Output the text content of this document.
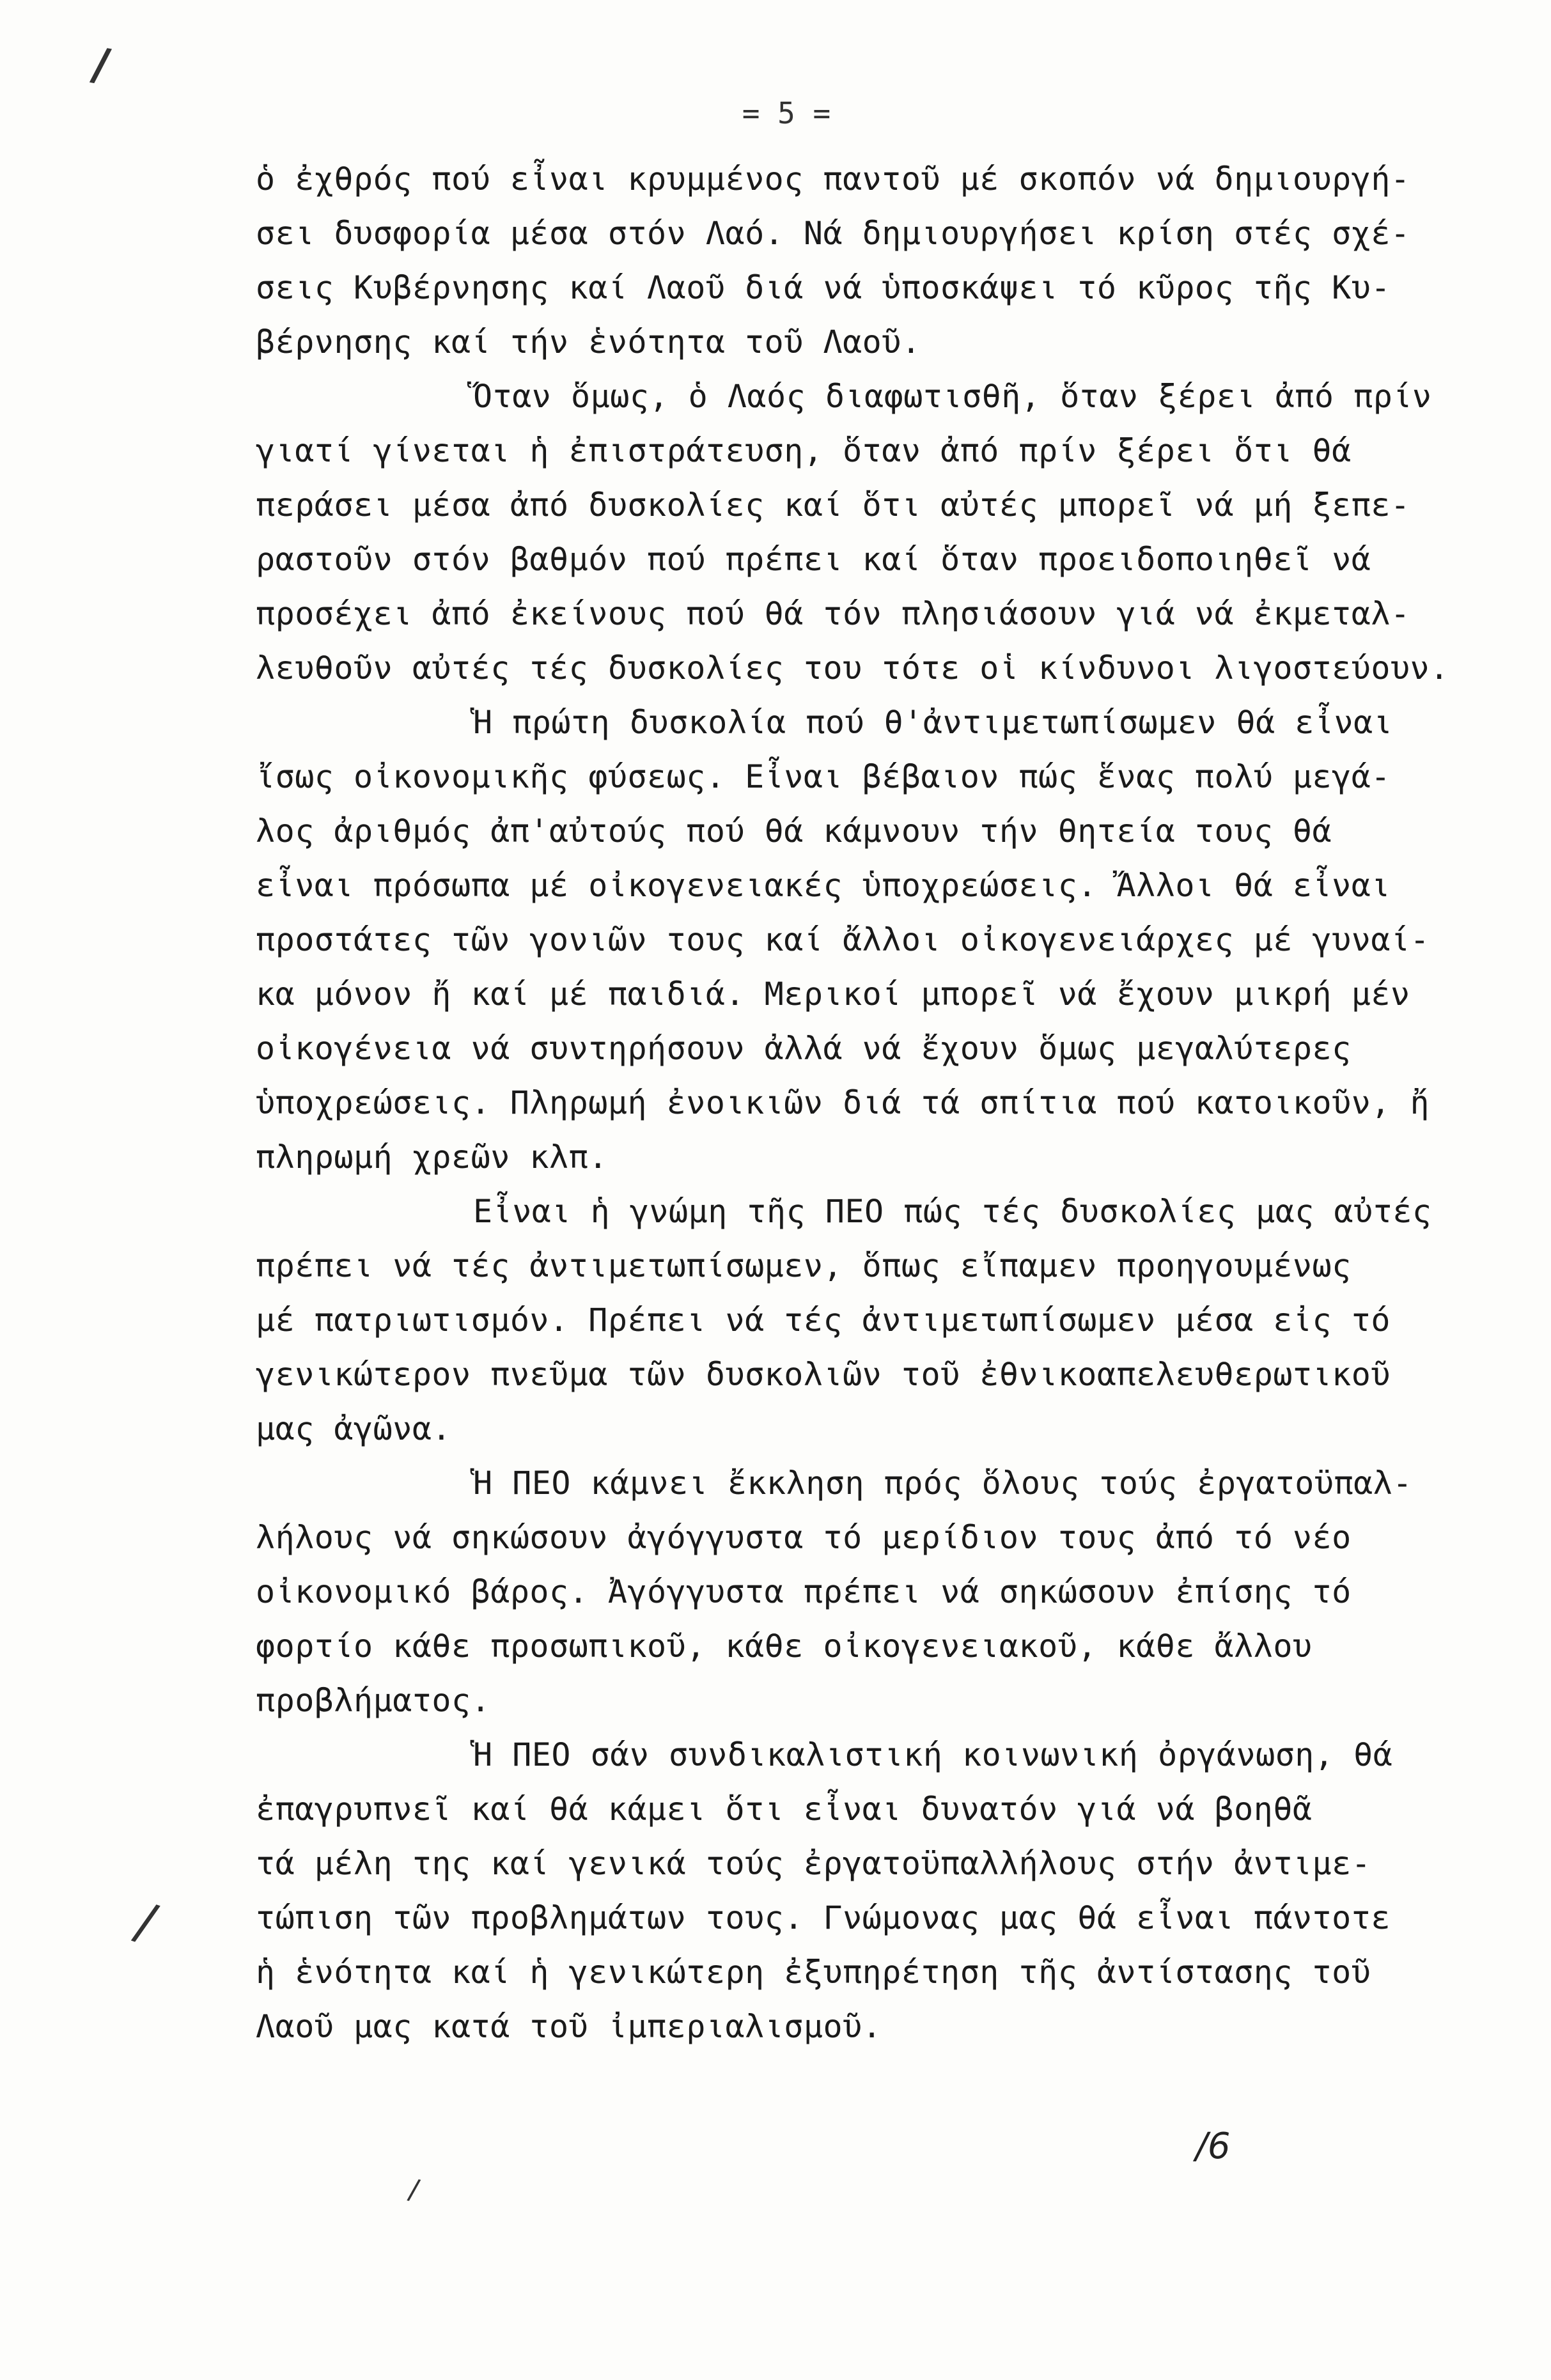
/
= 5 =
ὁ ἐχθρός πού εἶναι κρυμμένος παντοῦ μέ σκοπόν νά δημιουργή-
σει δυσφορία μέσα στόν Λαό. Νά δημιουργήσει κρίση στές σχέ-
σεις Κυβέρνησης καί Λαοῦ διά νά ὑποσκάψει τό κῦρος τῆς Κυ-
βέρνησης καί τήν ἑνότητα τοῦ Λαοῦ.
Ὅταν ὅμως, ὁ Λαός διαφωτισθῆ, ὅταν ξέρει ἀπό πρίν
γιατί γίνεται ἡ ἐπιστράτευση, ὅταν ἀπό πρίν ξέρει ὅτι θά
περάσει μέσα ἀπό δυσκολίες καί ὅτι αὐτές μπορεῖ νά μή ξεπε-
ραστοῦν στόν βαθμόν πού πρέπει καί ὅταν προειδοποιηθεῖ νά
προσέχει ἀπό ἐκείνους πού θά τόν πλησιάσουν γιά νά ἐκμεταλ-
λευθοῦν αὐτές τές δυσκολίες του τότε οἱ κίνδυνοι λιγοστεύουν.
Ἡ πρώτη δυσκολία πού θ'ἀντιμετωπίσωμεν θά εἶναι
ἴσως οἰκονομικῆς φύσεως. Εἶναι βέβαιον πώς ἕνας πολύ μεγά-
λος ἀριθμός ἀπ'αὐτούς πού θά κάμνουν τήν θητεία τους θά
εἶναι πρόσωπα μέ οἰκογενειακές ὑποχρεώσεις. Ἄλλοι θά εἶναι
προστάτες τῶν γονιῶν τους καί ἄλλοι οἰκογενειάρχες μέ γυναί-
κα μόνον ἤ καί μέ παιδιά. Μερικοί μπορεῖ νά ἔχουν μικρή μέν
οἰκογένεια νά συντηρήσουν ἀλλά νά ἔχουν ὅμως μεγαλύτερες
ὑποχρεώσεις. Πληρωμή ἐνοικιῶν διά τά σπίτια πού κατοικοῦν, ἤ
πληρωμή χρεῶν κλπ.
Εἶναι ἡ γνώμη τῆς ΠΕΟ πώς τές δυσκολίες μας αὐτές
πρέπει νά τές ἀντιμετωπίσωμεν, ὅπως εἴπαμεν προηγουμένως
μέ πατριωτισμόν. Πρέπει νά τές ἀντιμετωπίσωμεν μέσα εἰς τό
γενικώτερον πνεῦμα τῶν δυσκολιῶν τοῦ ἐθνικοαπελευθερωτικοῦ
μας ἀγῶνα.
Ἡ ΠΕΟ κάμνει ἔκκληση πρός ὅλους τούς ἐργατοϋπαλ-
λήλους νά σηκώσουν ἀγόγγυστα τό μερίδιον τους ἀπό τό νέο
οἰκονομικό βάρος. Ἀγόγγυστα πρέπει νά σηκώσουν ἐπίσης τό
φορτίο κάθε προσωπικοῦ, κάθε οἰκογενειακοῦ, κάθε ἄλλου
προβλήματος.
Ἡ ΠΕΟ σάν συνδικαλιστική κοινωνική ὀργάνωση, θά
ἐπαγρυπνεῖ καί θά κάμει ὅτι εἶναι δυνατόν γιά νά βοηθᾶ
τά μέλη της καί γενικά τούς ἐργατοϋπαλλήλους στήν ἀντιμε-
τώπιση τῶν προβλημάτων τους. Γνώμονας μας θά εἶναι πάντοτε
ἡ ἑνότητα καί ἡ γενικώτερη ἐξυπηρέτηση τῆς ἀντίστασης τοῦ
Λαοῦ μας κατά τοῦ ἰμπεριαλισμοῦ.
/6
/
/
